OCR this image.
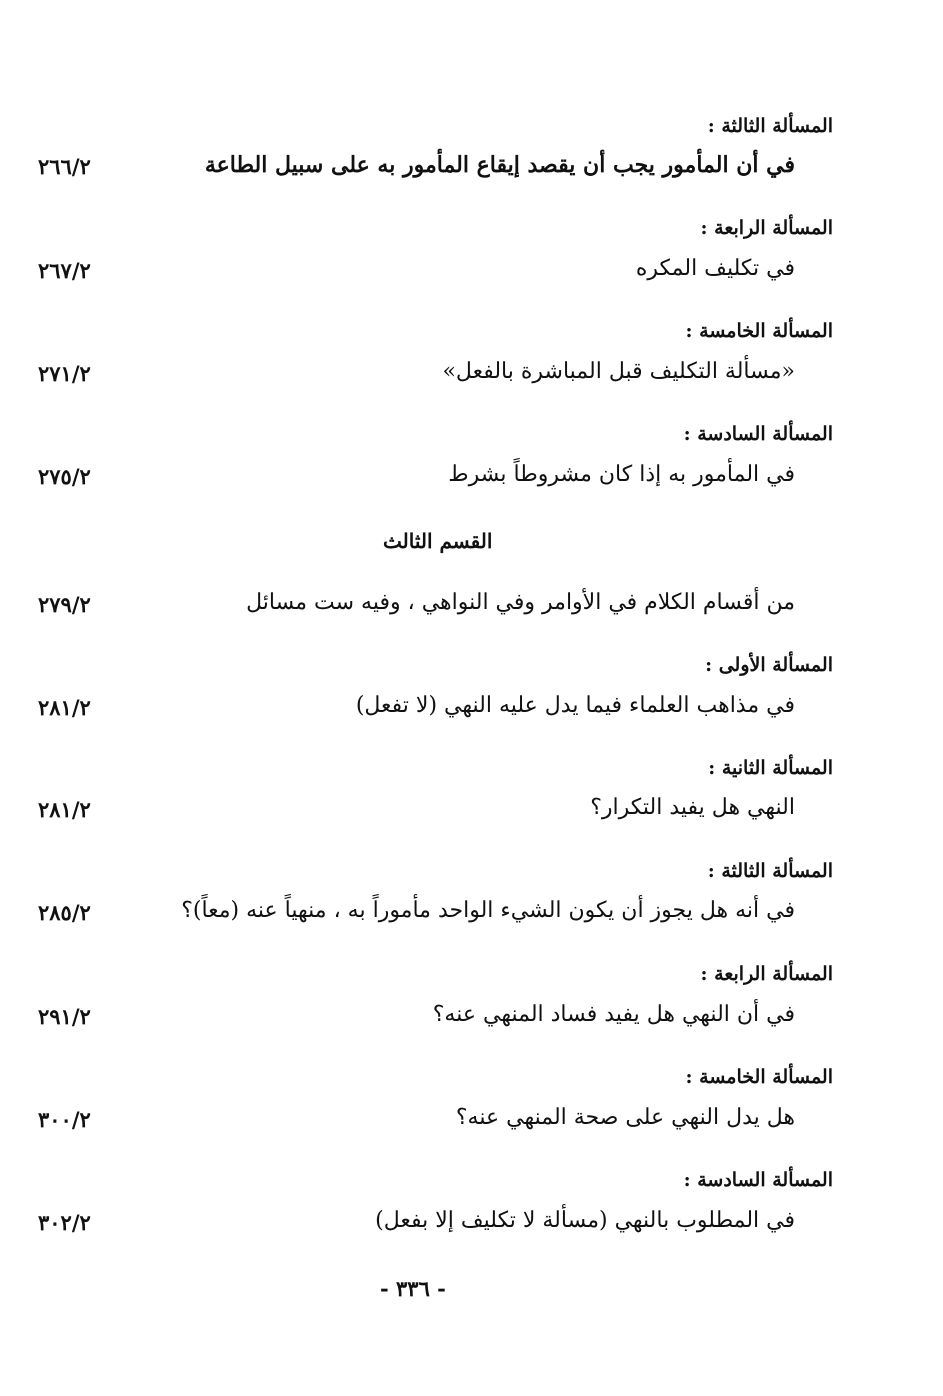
المسألة الثالثة :
في أن المأمور يجب أن يقصد إيقاع المأمور به على سبيل الطاعة
٢٦٦/٢
المسألة الرابعة :
في تكليف المكره
٢٦٧/٢
المسألة الخامسة :
«مسألة التكليف قبل المباشرة بالفعل»
٢٧١/٢
المسألة السادسة :
في المأمور به إذا كان مشروطاً بشرط
٢٧٥/٢
القسم الثالث
من أقسام الكلام في الأوامر وفي النواهي ، وفيه ست مسائل
٢٧٩/٢
المسألة الأولى :
في مذاهب العلماء فيما يدل عليه النهي (لا تفعل)
٢٨١/٢
المسألة الثانية :
النهي هل يفيد التكرار؟
٢٨١/٢
المسألة الثالثة :
في أنه هل يجوز أن يكون الشيء الواحد مأموراً به ، منهياً عنه (معاً)؟
٢٨٥/٢
المسألة الرابعة :
في أن النهي هل يفيد فساد المنهي عنه؟
٢٩١/٢
المسألة الخامسة :
هل يدل النهي على صحة المنهي عنه؟
٣٠٠/٢
المسألة السادسة :
في المطلوب بالنهي (مسألة لا تكليف إلا بفعل)
٣٠٢/٢
- ٣٣٦ -
